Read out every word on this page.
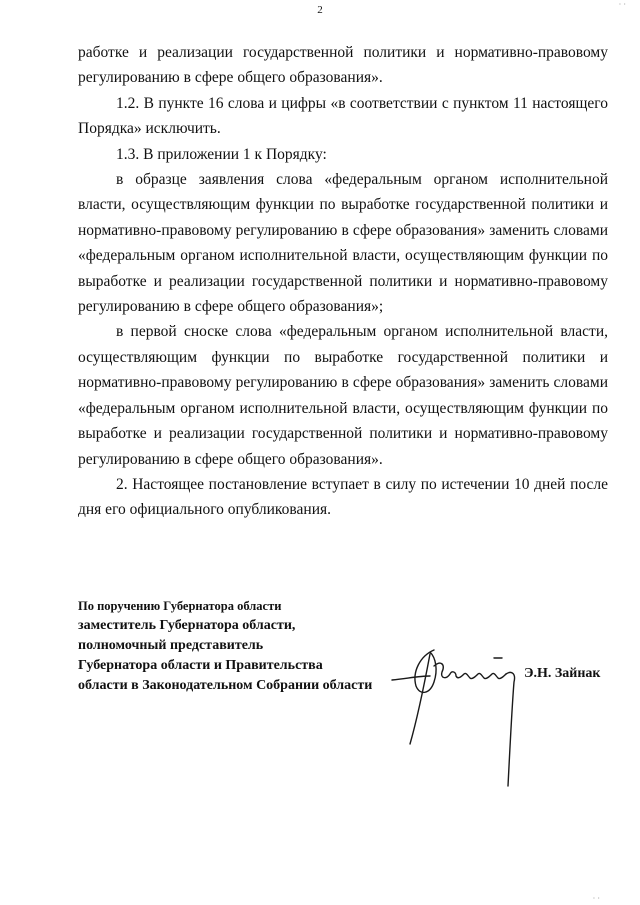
2

работке и реализации государственной политики и нормативно-правовому регулированию в сфере общего образования».

1.2. В пункте 16 слова и цифры «в соответствии с пунктом 11 настоящего Порядка» исключить.

1.3. В приложении 1 к Порядку:

в образце заявления слова «федеральным органом исполнительной власти, осуществляющим функции по выработке государственной политики и нормативно-правовому регулированию в сфере образования» заменить словами «федеральным органом исполнительной власти, осуществляющим функции по выработке и реализации государственной политики и нормативно-правовому регулированию в сфере общего образования»;

в первой сноске слова «федеральным органом исполнительной власти, осуществляющим функции по выработке государственной политики и нормативно-правовому регулированию в сфере образования» заменить словами «федеральным органом исполнительной власти, осуществляющим функции по выработке и реализации государственной политики и нормативно-правовому регулированию в сфере общего образования».

2. Настоящее постановление вступает в силу по истечении 10 дней после дня его официального опубликования.

По поручению Губернатора области
заместитель Губернатора области,
полномочный представитель
Губернатора области и Правительства
области в Законодательном Собрании области
Э.Н. Зайнак
· ·
· ·
